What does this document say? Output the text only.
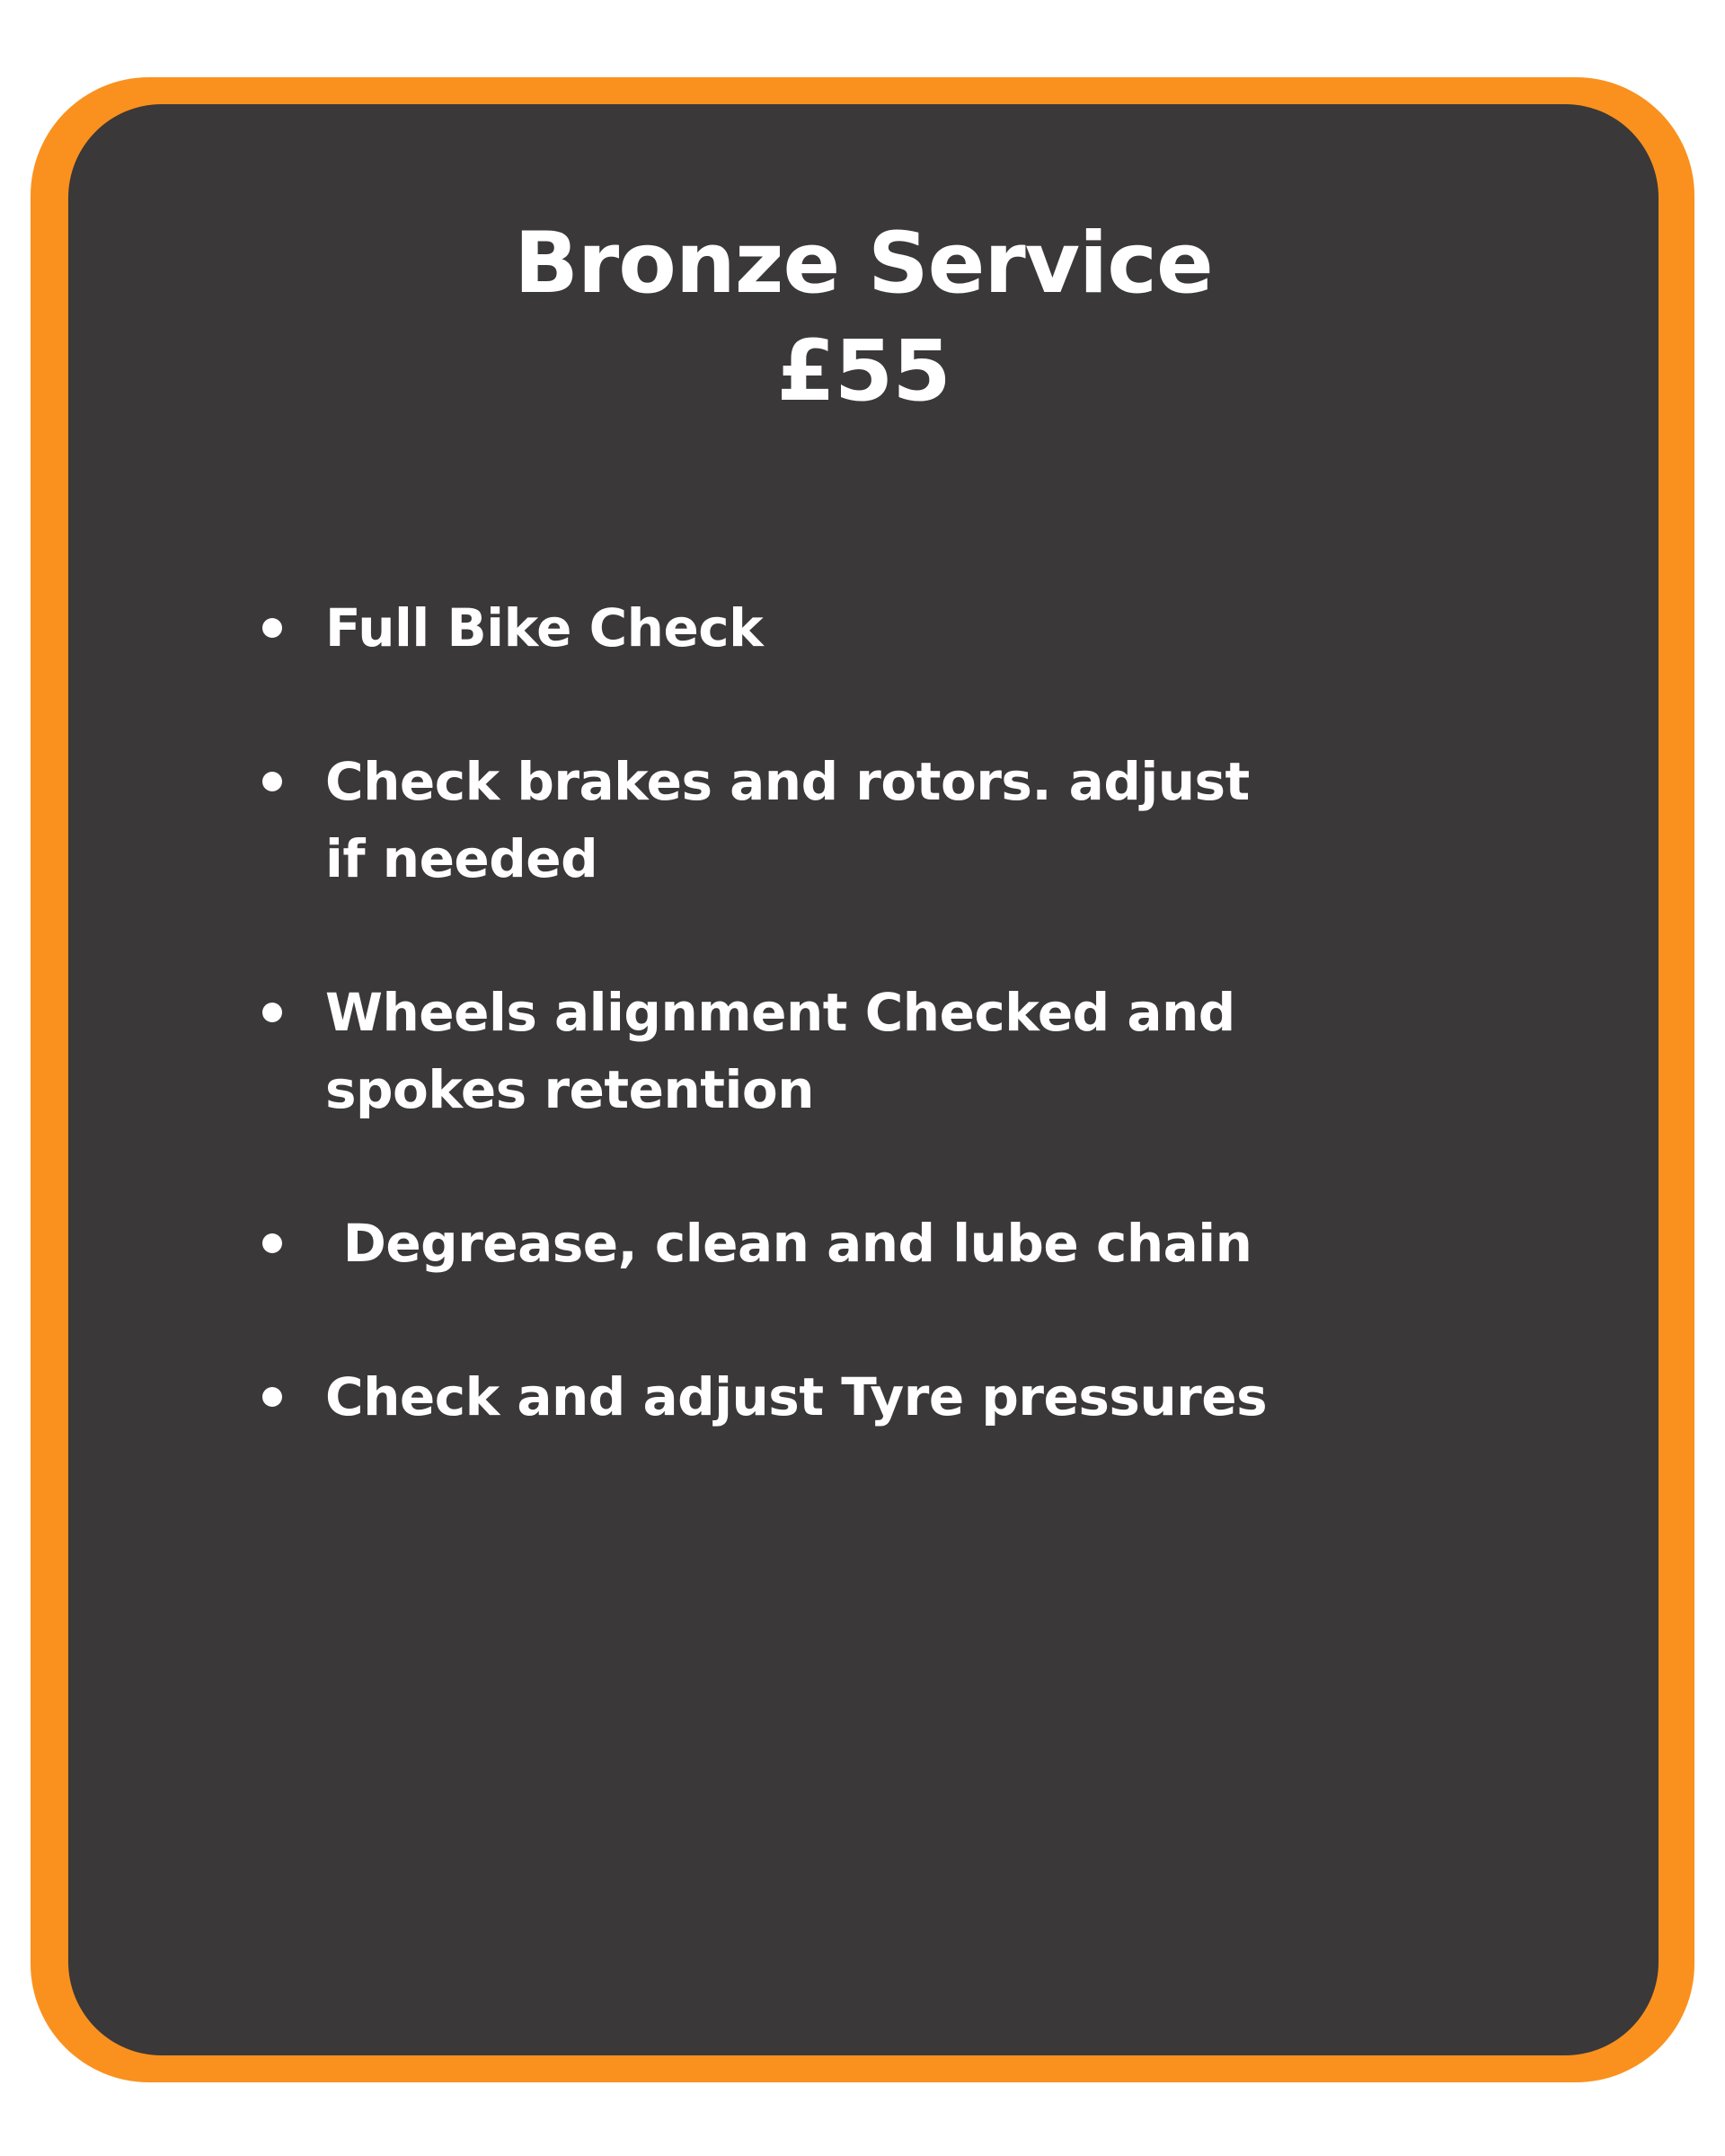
Bronze Service
£55
Full Bike Check
Check brakes and rotors. adjust if needed
Wheels alignment Checked and spokes retention
Degrease, clean and lube chain
Check and adjust Tyre pressures
